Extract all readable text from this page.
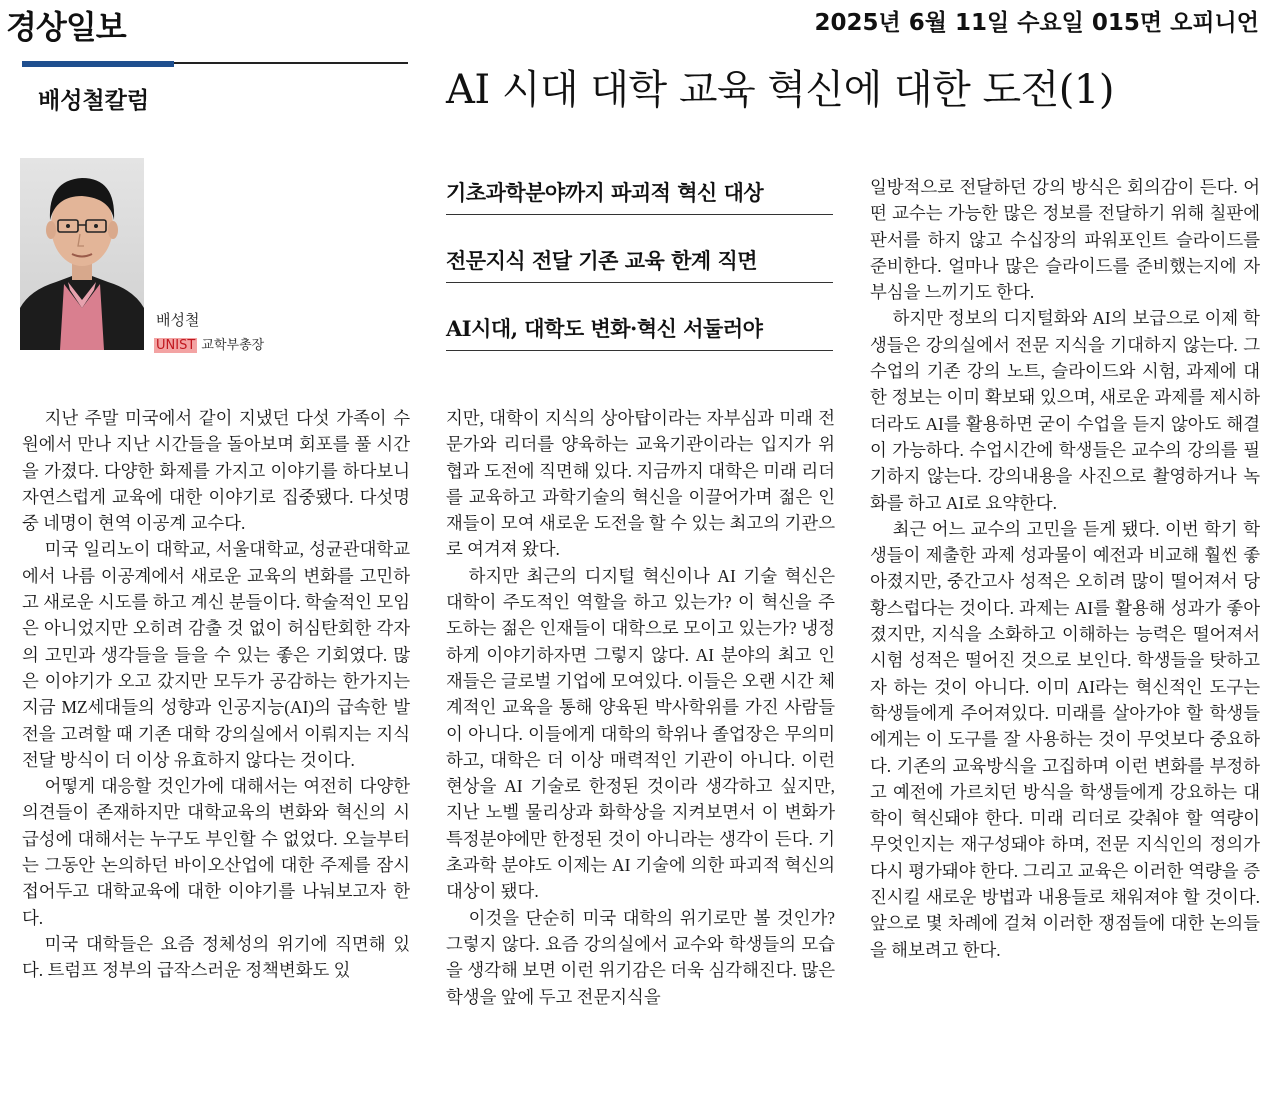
경상일보	2025년 6월 11일 수요일 015면 오피니언
배성철칼럼	AI 시대 대학 교육 혁신에 대한 도전(1)
배성철
UNIST 교학부총장
기초과학분야까지 파괴적 혁신 대상
전문지식 전달 기존 교육 한계 직면
AI시대, 대학도 변화·혁신 서둘러야

지난 주말 미국에서 같이 지냈던 다섯 가족이 수원에서 만나 지난 시간들을 돌아보며 회포를 풀 시간을 가졌다. 다양한 화제를 가지고 이야기를 하다보니 자연스럽게 교육에 대한 이야기로 집중됐다. 다섯명 중 네명이 현역 이공계 교수다.

미국 일리노이 대학교, 서울대학교, 성균관대학교에서 나름 이공계에서 새로운 교육의 변화를 고민하고 새로운 시도를 하고 계신 분들이다. 학술적인 모임은 아니었지만 오히려 감출 것 없이 허심탄회한 각자의 고민과 생각들을 들을 수 있는 좋은 기회였다. 많은 이야기가 오고 갔지만 모두가 공감하는 한가지는 지금 MZ세대들의 성향과 인공지능(AI)의 급속한 발전을 고려할 때 기존 대학 강의실에서 이뤄지는 지식전달 방식이 더 이상 유효하지 않다는 것이다.

어떻게 대응할 것인가에 대해서는 여전히 다양한 의견들이 존재하지만 대학교육의 변화와 혁신의 시급성에 대해서는 누구도 부인할 수 없었다. 오늘부터는 그동안 논의하던 바이오산업에 대한 주제를 잠시 접어두고 대학교육에 대한 이야기를 나눠보고자 한다.

미국 대학들은 요즘 정체성의 위기에 직면해 있다. 트럼프 정부의 급작스러운 정책변화도 있

지만, 대학이 지식의 상아탑이라는 자부심과 미래 전문가와 리더를 양육하는 교육기관이라는 입지가 위협과 도전에 직면해 있다. 지금까지 대학은 미래 리더를 교육하고 과학기술의 혁신을 이끌어가며 젊은 인재들이 모여 새로운 도전을 할 수 있는 최고의 기관으로 여겨져 왔다.

하지만 최근의 디지털 혁신이나 AI 기술 혁신은 대학이 주도적인 역할을 하고 있는가? 이 혁신을 주도하는 젊은 인재들이 대학으로 모이고 있는가? 냉정하게 이야기하자면 그렇지 않다. AI 분야의 최고 인재들은 글로벌 기업에 모여있다. 이들은 오랜 시간 체계적인 교육을 통해 양육된 박사학위를 가진 사람들이 아니다. 이들에게 대학의 학위나 졸업장은 무의미하고, 대학은 더 이상 매력적인 기관이 아니다. 이런 현상을 AI 기술로 한정된 것이라 생각하고 싶지만, 지난 노벨 물리상과 화학상을 지켜보면서 이 변화가 특정분야에만 한정된 것이 아니라는 생각이 든다. 기초과학 분야도 이제는 AI 기술에 의한 파괴적 혁신의 대상이 됐다.

이것을 단순히 미국 대학의 위기로만 볼 것인가? 그렇지 않다. 요즘 강의실에서 교수와 학생들의 모습을 생각해 보면 이런 위기감은 더욱 심각해진다. 많은 학생을 앞에 두고 전문지식을

일방적으로 전달하던 강의 방식은 회의감이 든다. 어떤 교수는 가능한 많은 정보를 전달하기 위해 칠판에 판서를 하지 않고 수십장의 파워포인트 슬라이드를 준비한다. 얼마나 많은 슬라이드를 준비했는지에 자부심을 느끼기도 한다.

하지만 정보의 디지털화와 AI의 보급으로 이제 학생들은 강의실에서 전문 지식을 기대하지 않는다. 그 수업의 기존 강의 노트, 슬라이드와 시험, 과제에 대한 정보는 이미 확보돼 있으며, 새로운 과제를 제시하더라도 AI를 활용하면 굳이 수업을 듣지 않아도 해결이 가능하다. 수업시간에 학생들은 교수의 강의를 필기하지 않는다. 강의내용을 사진으로 촬영하거나 녹화를 하고 AI로 요약한다.

최근 어느 교수의 고민을 듣게 됐다. 이번 학기 학생들이 제출한 과제 성과물이 예전과 비교해 훨씬 좋아졌지만, 중간고사 성적은 오히려 많이 떨어져서 당황스럽다는 것이다. 과제는 AI를 활용해 성과가 좋아졌지만, 지식을 소화하고 이해하는 능력은 떨어져서 시험 성적은 떨어진 것으로 보인다. 학생들을 탓하고자 하는 것이 아니다. 이미 AI라는 혁신적인 도구는 학생들에게 주어져있다. 미래를 살아가야 할 학생들에게는 이 도구를 잘 사용하는 것이 무엇보다 중요하다. 기존의 교육방식을 고집하며 이런 변화를 부정하고 예전에 가르치던 방식을 학생들에게 강요하는 대학이 혁신돼야 한다. 미래 리더로 갖춰야 할 역량이 무엇인지는 재구성돼야 하며, 전문 지식인의 정의가 다시 평가돼야 한다. 그리고 교육은 이러한 역량을 증진시킬 새로운 방법과 내용들로 채워져야 할 것이다. 앞으로 몇 차례에 걸쳐 이러한 쟁점들에 대한 논의들을 해보려고 한다.
